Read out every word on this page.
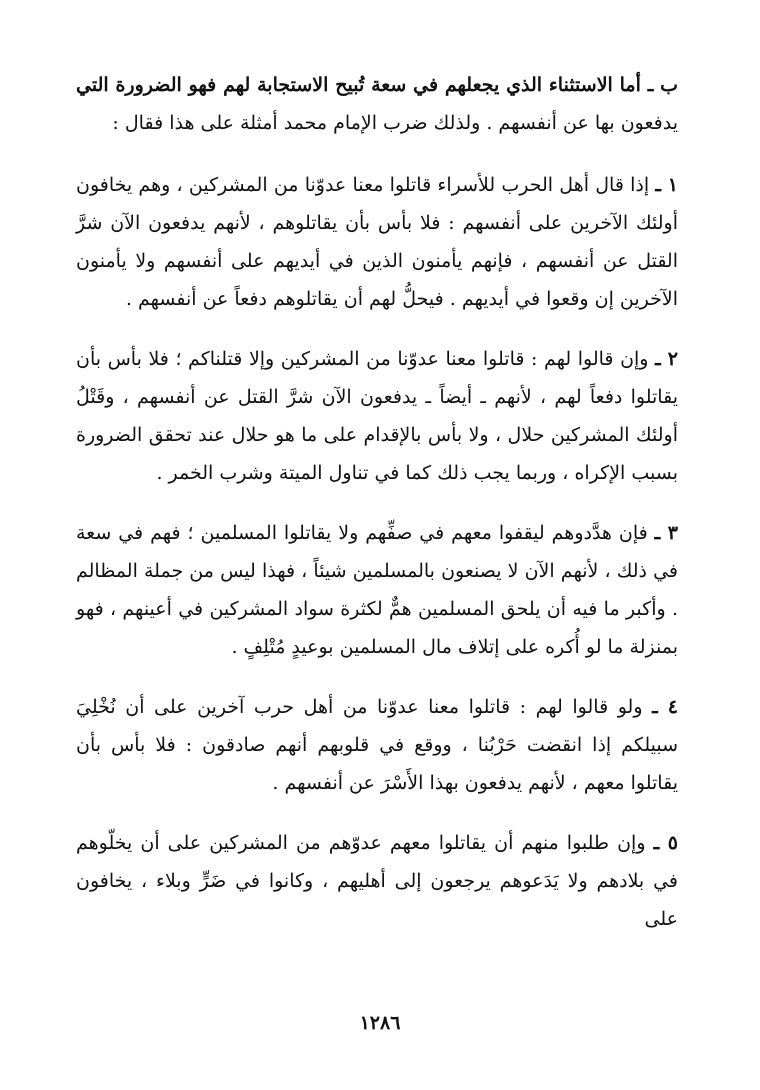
ب ـ أما الاستثناء الذي يجعلهم في سعة تُبيح الاستجابة لهم فهو الضرورة التي يدفعون بها عن أنفسهم . ولذلك ضرب الإمام محمد أمثلة على هذا فقال :

١ ـ إذا قال أهل الحرب للأسراء قاتلوا معنا عدوّنا من المشركين ، وهم يخافون أولئك الآخرين على أنفسهم : فلا بأس بأن يقاتلوهم ، لأنهم يدفعون الآن شرَّ القتل عن أنفسهم ، فإنهم يأمنون الذين في أيديهم على أنفسهم ولا يأمنون الآخرين إن وقعوا في أيديهم . فيحلُّ لهم أن يقاتلوهم دفعاً عن أنفسهم .

٢ ـ وإن قالوا لهم : قاتلوا معنا عدوّنا من المشركين وإلا قتلناكم ؛ فلا بأس بأن يقاتلوا دفعاً لهم ، لأنهم ـ أيضاً ـ يدفعون الآن شرَّ القتل عن أنفسهم ، وقَتْلُ أولئك المشركين حلال ، ولا بأس بالإقدام على ما هو حلال عند تحقق الضرورة بسبب الإكراه ، وربما يجب ذلك كما في تناول الميتة وشرب الخمر .

٣ ـ فإن هدَّدوهم ليقفوا معهم في صفِّهم ولا يقاتلوا المسلمين ؛ فهم في سعة في ذلك ، لأنهم الآن لا يصنعون بالمسلمين شيئاً ، فهذا ليس من جملة المظالم . وأكبر ما فيه أن يلحق المسلمين همٌّ لكثرة سواد المشركين في أعينهم ، فهو بمنزلة ما لو أُكره على إتلاف مال المسلمين بوعيدٍ مُتْلِفٍ .

٤ ـ ولو قالوا لهم : قاتلوا معنا عدوّنا من أهل حرب آخرين على أن نُخْلِيَ سبيلكم إذا انقضت حَرْبُنا ، ووقع في قلوبهم أنهم صادقون : فلا بأس بأن يقاتلوا معهم ، لأنهم يدفعون بهذا الأَسْرَ عن أنفسهم .

٥ ـ وإن طلبوا منهم أن يقاتلوا معهم عدوّهم من المشركين على أن يخلّوهم في بلادهم ولا يَدَعوهم يرجعون إلى أهليهم ، وكانوا في ضَرٍّ وبلاء ، يخافون على

١٢٨٦
